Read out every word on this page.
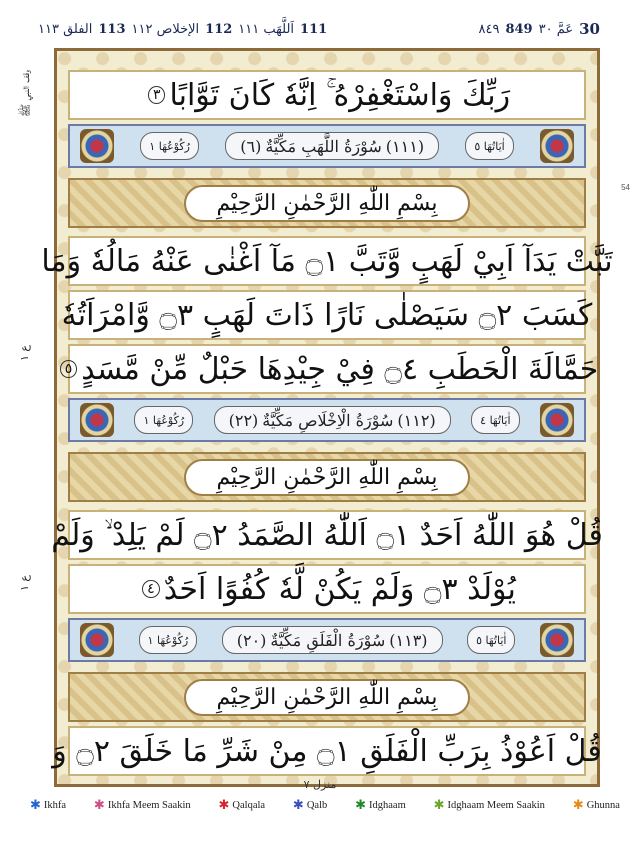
الفلق ١١٣ 113 الإخلاص ١١٢ 112 اَللَّهَب ١١١ 111	٨٤٩ 849 عَمَّ ٣٠ 30
54
وقف النبي ﷺ
ع ١
ع ١
رَبِّكَ وَاسْتَغْفِرْهُ ۚ اِنَّهٗ كَانَ تَوَّابًا
٣
اٰيَاتُهَا ٥
(١١١)
سُوْرَةُ اللَّهَبِ مَكِّيَّةٌ
(٦)
رُكُوْعُهَا ١
بِسْمِ اللّٰهِ الرَّحْمٰنِ الرَّحِيْمِ
تَبَّتْ يَدَآ اَبِيْ لَهَبٍ وَّتَبَّ ۝١ مَآ اَغْنٰى عَنْهُ مَالُهٗ وَمَا
كَسَبَ ۝٢ سَيَصْلٰى نَارًا ذَاتَ لَهَبٍ ۝٣ وَّامْرَاَتُهٗ
حَمَّالَةَ الْحَطَبِ ۝٤ فِيْ جِيْدِهَا حَبْلٌ مِّنْ مَّسَدٍ
٥
اٰيَاتُهَا ٤
(١١٢)
سُوْرَةُ الْاِخْلَاصِ مَكِّيَّةٌ
(٢٢)
رُكُوْعُهَا ١
بِسْمِ اللّٰهِ الرَّحْمٰنِ الرَّحِيْمِ
قُلْ هُوَ اللّٰهُ اَحَدٌ ۝١ اَللّٰهُ الصَّمَدُ ۝٢ لَمْ يَلِدْ ۙ وَلَمْ
يُوْلَدْ ۝٣ وَلَمْ يَكُنْ لَّهٗ كُفُوًا اَحَدٌ
٤
اٰيَاتُهَا ٥
(١١٣)
سُوْرَةُ الْفَلَقِ مَكِّيَّةٌ
(٢٠)
رُكُوْعُهَا ١
بِسْمِ اللّٰهِ الرَّحْمٰنِ الرَّحِيْمِ
قُلْ اَعُوْذُ بِرَبِّ الْفَلَقِ ۝١ مِنْ شَرِّ مَا خَلَقَ ۝٢ وَ
منزل ٧
✱ Ikhfa ✱ Ikhfa Meem Saakin ✱ Qalqala ✱ Qalb ✱ Idghaam ✱ Idghaam Meem Saakin ✱ Ghunna
